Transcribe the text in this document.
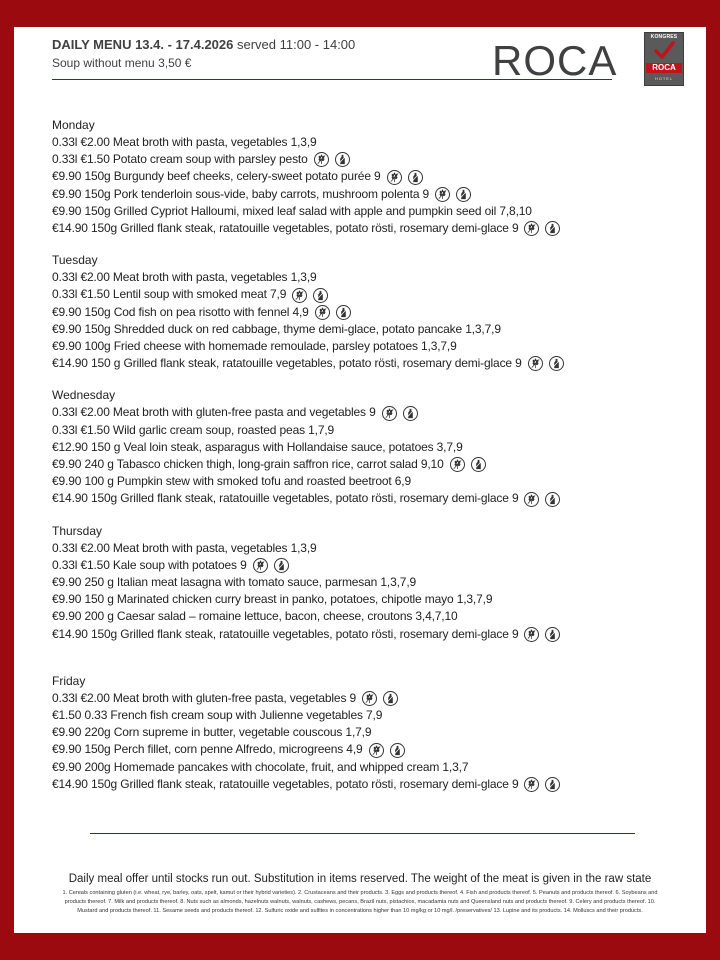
DAILY MENU 13.4. - 17.4.2026 served 11:00 - 14:00
Soup without menu 3,50 €	ROCA	KONGRES
ROCA
HOTEL
Monday
0.33l €2.00 Meat broth with pasta, vegetables 1,3,9
0.33l €1.50 Potato cream soup with parsley pesto
€9.90 150g Burgundy beef cheeks, celery-sweet potato purée 9
€9.90 150g Pork tenderloin sous-vide, baby carrots, mushroom polenta 9
€9.90 150g Grilled Cypriot Halloumi, mixed leaf salad with apple and pumpkin seed oil 7,8,10
€14.90 150g Grilled flank steak, ratatouille vegetables, potato rösti, rosemary demi-glace 9
Tuesday
0.33l €2.00 Meat broth with pasta, vegetables 1,3,9
0.33l €1.50 Lentil soup with smoked meat 7,9
€9.90 150g Cod fish on pea risotto with fennel 4,9
€9.90 150g Shredded duck on red cabbage, thyme demi-glace, potato pancake 1,3,7,9
€9.90 100g Fried cheese with homemade remoulade, parsley potatoes 1,3,7,9
€14.90 150 g Grilled flank steak, ratatouille vegetables, potato rösti, rosemary demi-glace 9
Wednesday
0.33l €2.00 Meat broth with gluten-free pasta and vegetables 9
0.33l €1.50 Wild garlic cream soup, roasted peas 1,7,9
€12.90 150 g Veal loin steak, asparagus with Hollandaise sauce, potatoes 3,7,9
€9.90 240 g Tabasco chicken thigh, long-grain saffron rice, carrot salad 9,10
€9.90 100 g Pumpkin stew with smoked tofu and roasted beetroot 6,9
€14.90 150g Grilled flank steak, ratatouille vegetables, potato rösti, rosemary demi-glace 9
Thursday
0.33l €2.00 Meat broth with pasta, vegetables 1,3,9
0.33l €1.50 Kale soup with potatoes 9
€9.90 250 g Italian meat lasagna with tomato sauce, parmesan 1,3,7,9
€9.90 150 g Marinated chicken curry breast in panko, potatoes, chipotle mayo 1,3,7,9
€9.90 200 g Caesar salad – romaine lettuce, bacon, cheese, croutons 3,4,7,10
€14.90 150g Grilled flank steak, ratatouille vegetables, potato rösti, rosemary demi-glace 9
Friday
0.33l €2.00 Meat broth with gluten-free pasta, vegetables 9
€1.50 0.33 French fish cream soup with Julienne vegetables 7,9
€9.90 220g Corn supreme in butter, vegetable couscous 1,7,9
€9.90 150g Perch fillet, corn penne Alfredo, microgreens 4,9
€9.90 200g Homemade pancakes with chocolate, fruit, and whipped cream 1,3,7
€14.90 150g Grilled flank steak, ratatouille vegetables, potato rösti, rosemary demi-glace 9
Daily meal offer until stocks run out. Substitution in items reserved. The weight of the meat is given in the raw state
1. Cereals containing gluten (i.e. wheat, rye, barley, oats, spelt, kamut or their hybrid varieties). 2. Crustaceans and their products. 3. Eggs and products thereof. 4. Fish and products thereof. 5. Peanuts and products thereof. 6. Soybeans and products thereof. 7. Milk and products thereof. 8. Nuts such as almonds, hazelnuts walnuts, walnuts, cashews, pecans, Brazil nuts, pistachios, macadamia nuts and Queensland nuts and products thereof. 9. Celery and products thereof. 10. Mustard and products thereof. 11. Sesame seeds and products thereof. 12. Sulfuric oxide and sulfites in concentrations higher than 10 mg/kg or 10 mg/l. /preservatives/ 13. Lupine and its products. 14. Molluscs and their products.
